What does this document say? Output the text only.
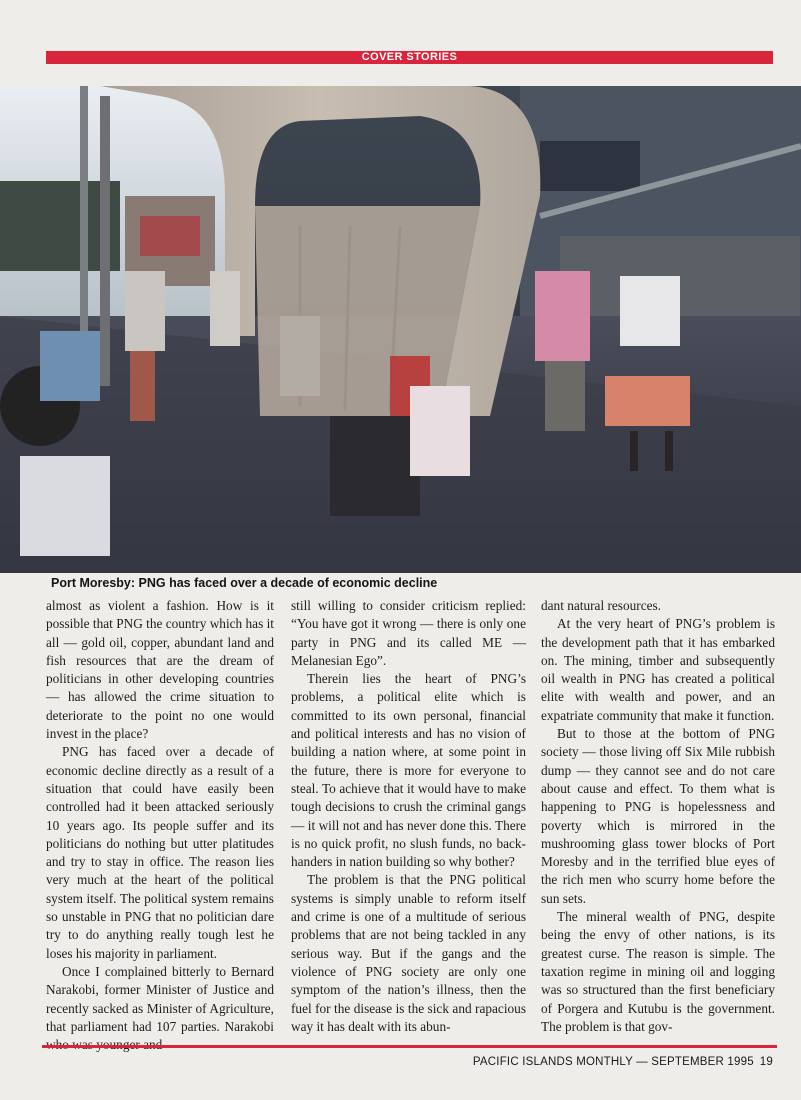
COVER STORIES
Port Moresby: PNG has faced over a decade of economic decline

almost as violent a fashion. How is it possible that PNG the country which has it all — gold oil, copper, abundant land and fish resources that are the dream of politicians in other developing countries — has allowed the crime situation to deteriorate to the point no one would invest in the place?

PNG has faced over a decade of economic decline directly as a result of a situation that could have easily been controlled had it been attacked seriously 10 years ago. Its people suffer and its politicians do nothing but utter platitudes and try to stay in office. The reason lies very much at the heart of the political system itself. The political system remains so unstable in PNG that no politician dare try to do anything really tough lest he loses his majority in parliament.

Once I complained bitterly to Bernard Narakobi, former Minister of Justice and recently sacked as Minister of Agriculture, that parliament had 107 parties. Narakobi

still willing to consider criticism replied: “You have got it wrong — there is only one party in PNG and its called ME — Melanesian Ego”.

Therein lies the heart of PNG’s problems, a political elite which is committed to its own personal, financial and political interests and has no vision of building a nation where, at some point in the future, there is more for everyone to steal. To achieve that it would have to make tough decisions to crush the criminal gangs — it will not and has never done this. There is no quick profit, no slush funds, no back-handers in nation building so why bother?

The problem is that the PNG political systems is simply unable to reform itself and crime is one of a multitude of serious problems that are not being tackled in any serious way. But if the gangs and the violence of PNG society are only one symptom of the nation’s illness, then the fuel for the disease is the sick and rapacious way it has dealt with its abun-

dant natural resources.

At the very heart of PNG’s problem is the development path that it has embarked on. The mining, timber and subsequently oil wealth in PNG has created a political elite with wealth and power, and an expatriate community that make it function.

But to those at the bottom of PNG society — those living off Six Mile rubbish dump — they cannot see and do not care about cause and effect. To them what is happening to PNG is hopelessness and poverty which is mirrored in the mushrooming glass tower blocks of Port Moresby and in the terrified blue eyes of the rich men who scurry home before the sun sets.

The mineral wealth of PNG, despite being the envy of other nations, is its greatest curse. The reason is simple. The taxation regime in mining oil and logging was so structured than the first beneficiary of Porgera and Kutubu is the government. The problem is that gov-

PACIFIC ISLANDS MONTHLY — SEPTEMBER 1995 19
